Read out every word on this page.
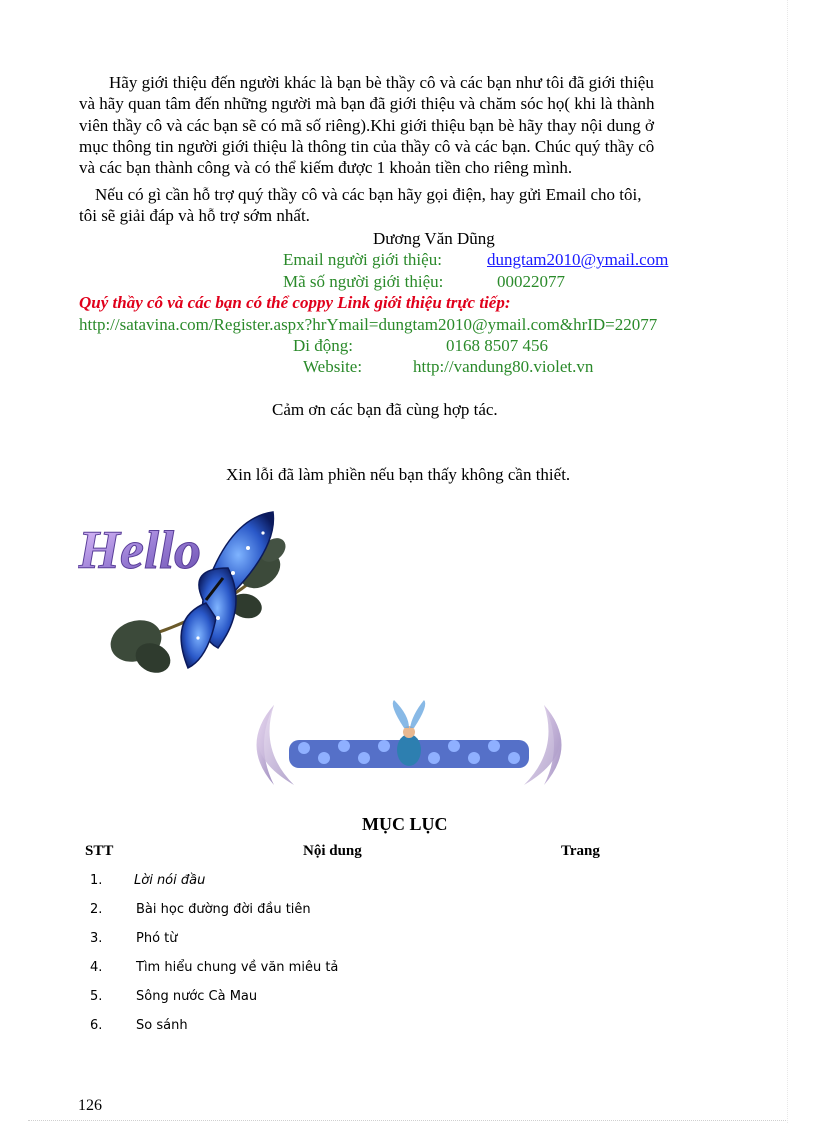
Hãy giới thiệu đến người khác là bạn bè thầy cô và các bạn như tôi đã giới thiệu
và hãy quan tâm đến những người mà bạn đã giới thiệu và chăm sóc họ( khi là thành
viên thầy cô và các bạn sẽ có mã số riêng).Khi giới thiệu bạn bè hãy thay nội dung ở
mục thông tin người giới thiệu là thông tin của thầy cô và các bạn. Chúc quý thầy cô
và các bạn thành công và có thể kiếm được 1 khoản tiền cho riêng mình.
Nếu có gì cần hỗ trợ quý thầy cô và các bạn hãy gọi điện, hay gửi Email cho tôi,
tôi sẽ giải đáp và hỗ trợ sớm nhất.
Dương Văn Dũng
Email người giới thiệu:	dungtam2010@ymail.com
Mã số người giới thiệu:	00022077
Quý thầy cô và các bạn có thể coppy Link giới thiệu trực tiếp:
http://satavina.com/Register.aspx?hrYmail=dungtam2010@ymail.com&hrID=22077
Di động:	0168 8507 456
Website:	http://vandung80.violet.vn
Cảm ơn các bạn đã cùng hợp tác.
Xin lỗi đã làm phiền nếu bạn thấy không cần thiết.
Hello
MỤC LỤC
STT	Nội dung	Trang
1. Lời nói đầu
2.	Bài học đường đời đầu tiên
3.	Phó từ
4.	Tìm hiểu chung về văn miêu tả
5.	Sông nước Cà Mau
6.	So sánh
126
